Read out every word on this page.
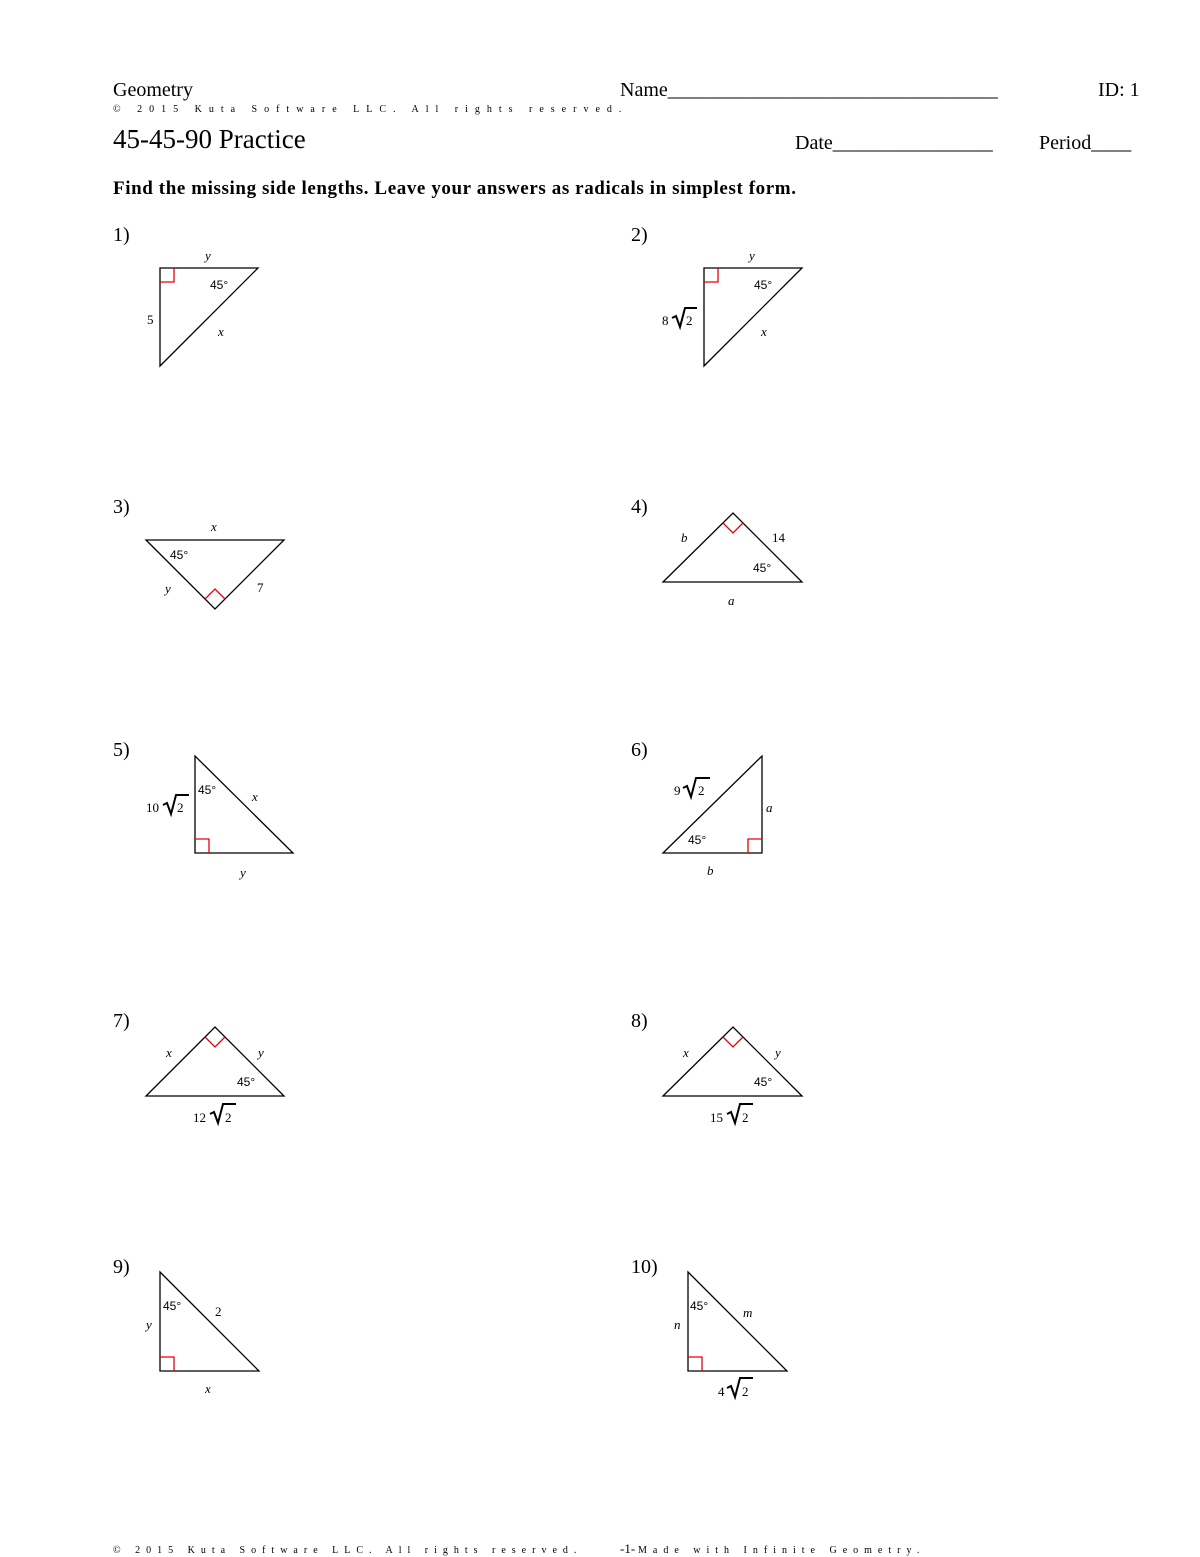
Geometry	Name_________________________________	ID: 1
© 2015 Kuta Software LLC. All rights reserved.
45-45-90 Practice	Date________________ Period____
Find the missing side lengths. Leave your answers as radicals in simplest form.
1)	2)
3)	4)
5)	6)
7)	8)
9)	10)
y
45°
5
x
y
45°
8 2
x
x
45°
y	7
b	14
45°
a
10 2
45°	x
y
9 2
a
45°
b
x	y
45°
12 2
x	y
45°
15 2
45°	2
y
x
45°	m
n
4 2
© 2015 Kuta Software LLC. All rights reserved.	-1- Made with Infinite Geometry.
